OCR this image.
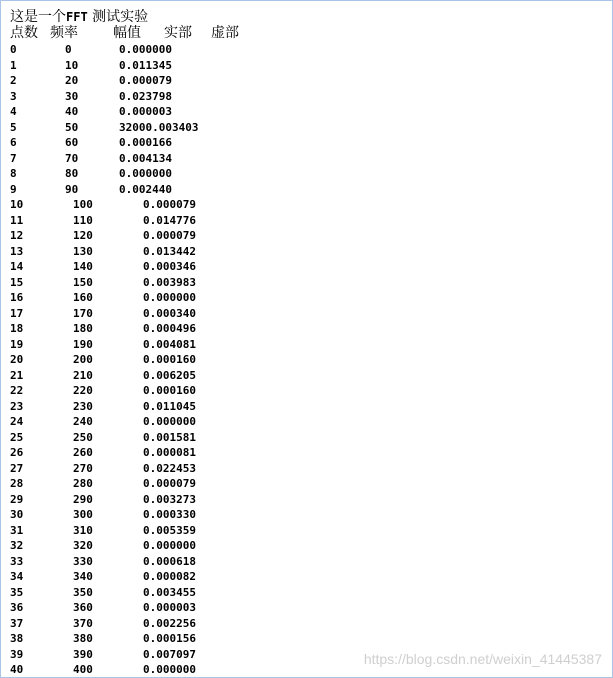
这是一个FFT 测试实验
点数 频率	幅值 实部 虚部
0	0	0.000000
1	10	0.011345
2	20	0.000079
3	30	0.023798
4	40	0.000003
5	50	32000.003403
6	60	0.000166
7	70	0.004134
8	80	0.000000
9	90	0.002440
10	100	0.000079
11	110	0.014776
12	120	0.000079
13	130	0.013442
14	140	0.000346
15	150	0.003983
16	160	0.000000
17	170	0.000340
18	180	0.000496
19	190	0.004081
20	200	0.000160
21	210	0.006205
22	220	0.000160
23	230	0.011045
24	240	0.000000
25	250	0.001581
26	260	0.000081
27	270	0.022453
28	280	0.000079
29	290	0.003273
30	300	0.000330
31	310	0.005359
32	320	0.000000
33	330	0.000618
34	340	0.000082
35	350	0.003455
36	360	0.000003
37	370	0.002256
38	380	0.000156
39	390	0.007097
40	400	0.000000
https://blog.csdn.net/weixin_41445387
